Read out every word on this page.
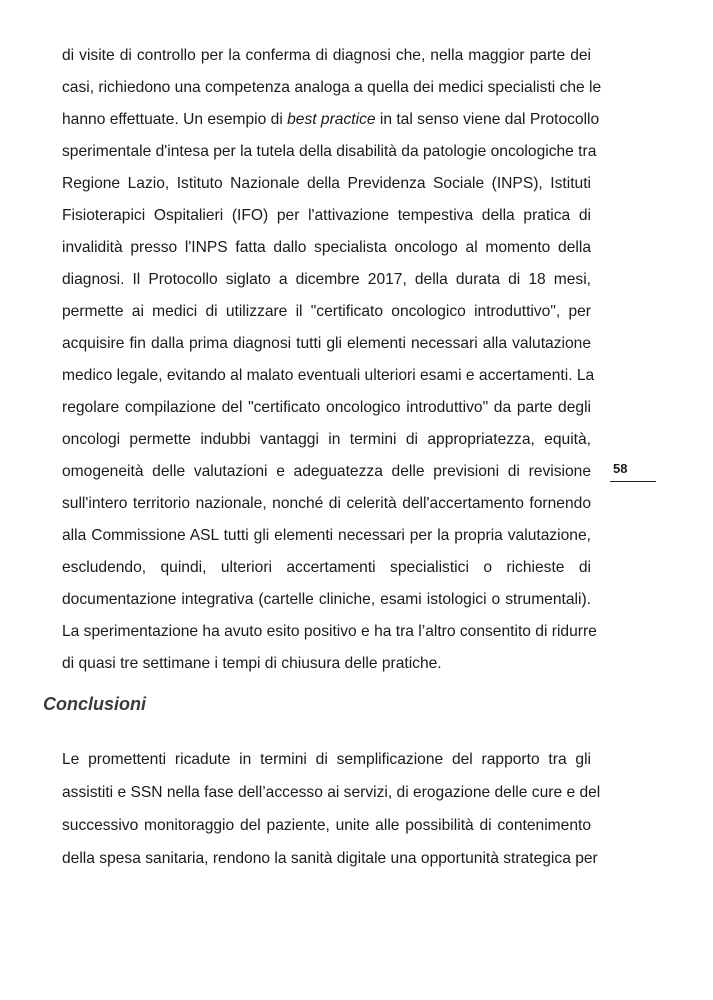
di visite di controllo per la conferma di diagnosi che, nella maggior parte dei
casi, richiedono una competenza analoga a quella dei medici specialisti che le
hanno effettuate. Un esempio di best practice in tal senso viene dal Protocollo
sperimentale d'intesa per la tutela della disabilità da patologie oncologiche tra
Regione Lazio, Istituto Nazionale della Previdenza Sociale (INPS), Istituti
Fisioterapici Ospitalieri (IFO) per l'attivazione tempestiva della pratica di
invalidità presso l'INPS fatta dallo specialista oncologo al momento della
diagnosi. Il Protocollo siglato a dicembre 2017, della durata di 18 mesi,
permette ai medici di utilizzare il "certificato oncologico introduttivo", per
acquisire fin dalla prima diagnosi tutti gli elementi necessari alla valutazione
medico legale, evitando al malato eventuali ulteriori esami e accertamenti. La
regolare compilazione del "certificato oncologico introduttivo" da parte degli
oncologi permette indubbi vantaggi in termini di appropriatezza, equità,
omogeneità delle valutazioni e adeguatezza delle previsioni di revisione
sull'intero territorio nazionale, nonché di celerità dell'accertamento fornendo
alla Commissione ASL tutti gli elementi necessari per la propria valutazione,
escludendo, quindi, ulteriori accertamenti specialistici o richieste di
documentazione integrativa (cartelle cliniche, esami istologici o strumentali).
La sperimentazione ha avuto esito positivo e ha tra l’altro consentito di ridurre
di quasi tre settimane i tempi di chiusura delle pratiche.
58
Conclusioni
Le promettenti ricadute in termini di semplificazione del rapporto tra gli
assistiti e SSN nella fase dell’accesso ai servizi, di erogazione delle cure e del
successivo monitoraggio del paziente, unite alle possibilità di contenimento
della spesa sanitaria, rendono la sanità digitale una opportunità strategica per
